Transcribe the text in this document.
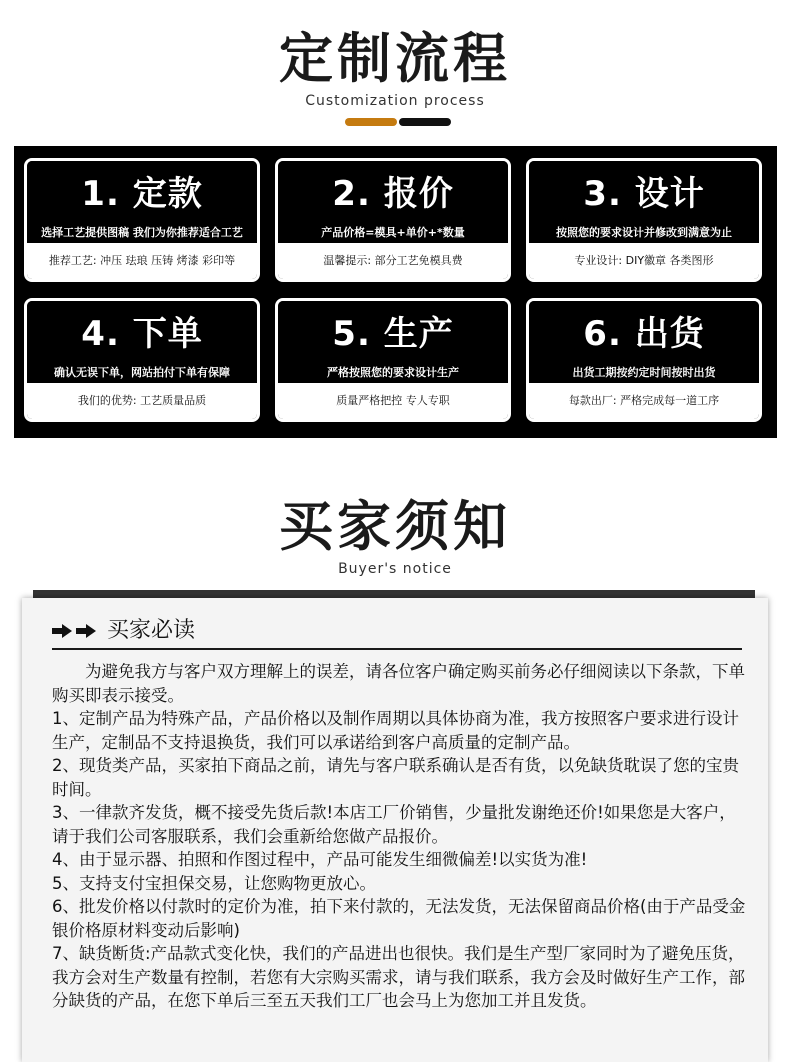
定制流程
Customization process
1. 定款
选择工艺提供图稿 我们为你推荐适合工艺
推荐工艺: 冲压 珐琅 压铸 烤漆 彩印等
2. 报价
产品价格=模具+单价+*数量
温馨提示: 部分工艺免模具费
3. 设计
按照您的要求设计并修改到满意为止
专业设计: DIY徽章 各类图形
4. 下单
确认无误下单，网站拍付下单有保障
我们的优势: 工艺质量品质
5. 生产
严格按照您的要求设计生产
质量严格把控 专人专职
6. 出货
出货工期按约定时间按时出货
每款出厂: 严格完成每一道工序
买家须知
Buyer's notice
买家必读

为避免我方与客户双方理解上的误差，请各位客户确定购买前务必仔细阅读以下条款，下单购买即表示接受。

1、定制产品为特殊产品，产品价格以及制作周期以具体协商为准，我方按照客户要求进行设计生产，定制品不支持退换货，我们可以承诺给到客户高质量的定制产品。

2、现货类产品，买家拍下商品之前，请先与客户联系确认是否有货，以免缺货耽误了您的宝贵时间。

3、一律款齐发货，概不接受先货后款!本店工厂价销售，少量批发谢绝还价!如果您是大客户，请于我们公司客服联系，我们会重新给您做产品报价。

4、由于显示器、拍照和作图过程中，产品可能发生细微偏差!以实货为准!

5、支持支付宝担保交易，让您购物更放心。

6、批发价格以付款时的定价为准，拍下来付款的，无法发货，无法保留商品价格(由于产品受金银价格原材料变动后影响)

7、缺货断货:产品款式变化快，我们的产品进出也很快。我们是生产型厂家同时为了避免压货，我方会对生产数量有控制，若您有大宗购买需求，请与我们联系，我方会及时做好生产工作，部分缺货的产品，在您下单后三至五天我们工厂也会马上为您加工并且发货。
